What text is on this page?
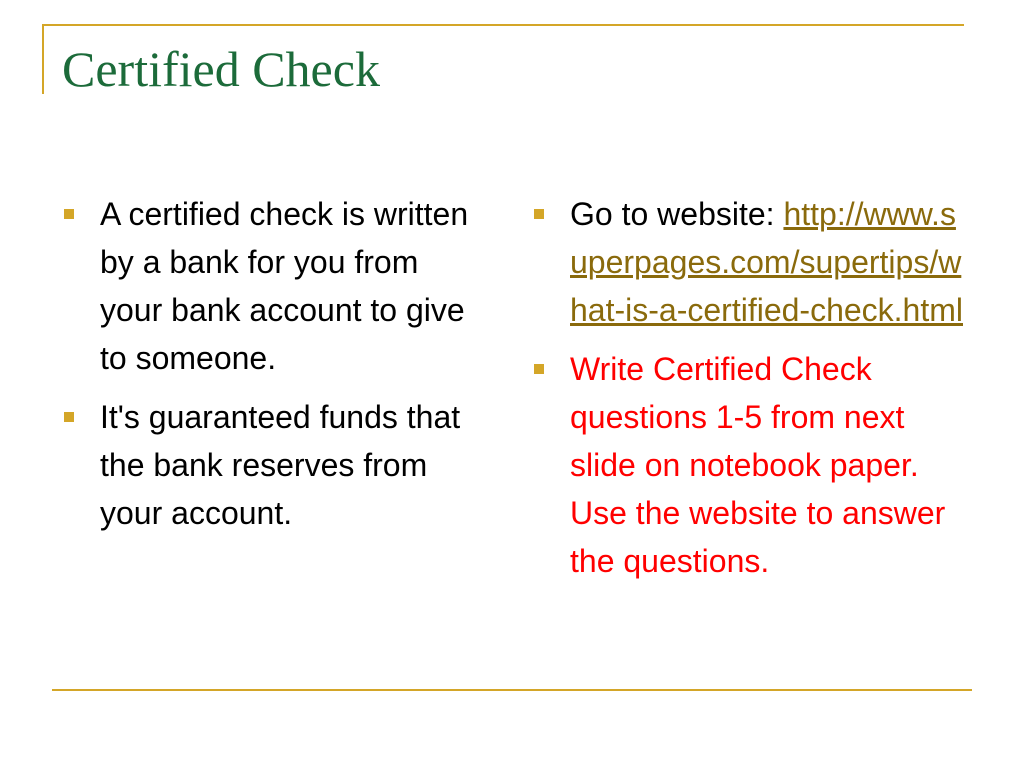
Certified Check
A certified check is written by a bank for you from your bank account to give to someone.
It's guaranteed funds that the bank reserves from your account.
Go to website: http://www.superpages.com/supertips/what-is-a-certified-check.html
Write Certified Check questions 1-5 from next slide on notebook paper. Use the website to answer the questions.
